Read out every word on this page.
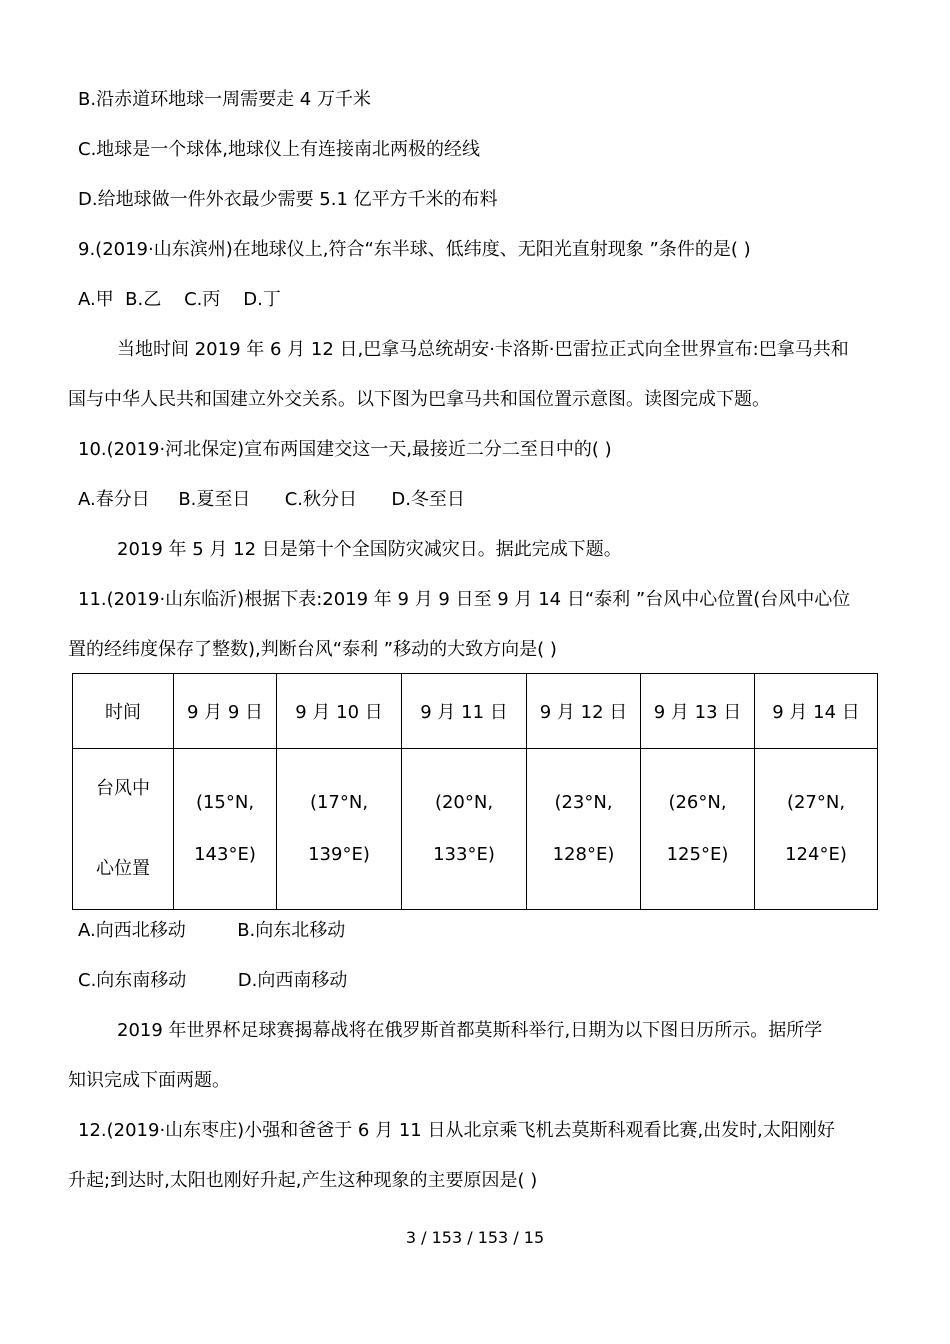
B.沿赤道环地球一周需要走 4 万千米
C.地球是一个球体,地球仪上有连接南北两极的经线
D.给地球做一件外衣最少需要 5.1 亿平方千米的布料
9.(2019·山东滨州)在地球仪上,符合“东半球、低纬度、无阳光直射现象 ”条件的是( )
A.甲  B.乙    C.丙    D.丁
当地时间 2019 年 6 月 12 日,巴拿马总统胡安·卡洛斯·巴雷拉正式向全世界宣布:巴拿马共和
国与中华人民共和国建立外交关系。以下图为巴拿马共和国位置示意图。读图完成下题。
10.(2019·河北保定)宣布两国建交这一天,最接近二分二至日中的( )
A.春分日     B.夏至日      C.秋分日      D.冬至日
2019 年 5 月 12 日是第十个全国防灾减灾日。据此完成下题。
11.(2019·山东临沂)根据下表:2019 年 9 月 9 日至 9 月 14 日“泰利 ”台风中心位置(台风中心位
置的经纬度保存了整数),判断台风“泰利 ”移动的大致方向是( )
时间	9 月 9 日	9 月 10 日	9 月 11 日	9 月 12 日	9 月 13 日	9 月 14 日

台风中
心位置	(15°N,
143°E)	(17°N,
139°E)	(20°N,
133°E)	(23°N,
128°E)	(26°N,
125°E)	(27°N,
124°E)
A.向西北移动         B.向东北移动
C.向东南移动         D.向西南移动
2019 年世界杯足球赛揭幕战将在俄罗斯首都莫斯科举行,日期为以下图日历所示。据所学
知识完成下面两题。
12.(2019·山东枣庄)小强和爸爸于 6 月 11 日从北京乘飞机去莫斯科观看比赛,出发时,太阳刚好
升起;到达时,太阳也刚好升起,产生这种现象的主要原因是( )
3 / 153 / 153 / 15
